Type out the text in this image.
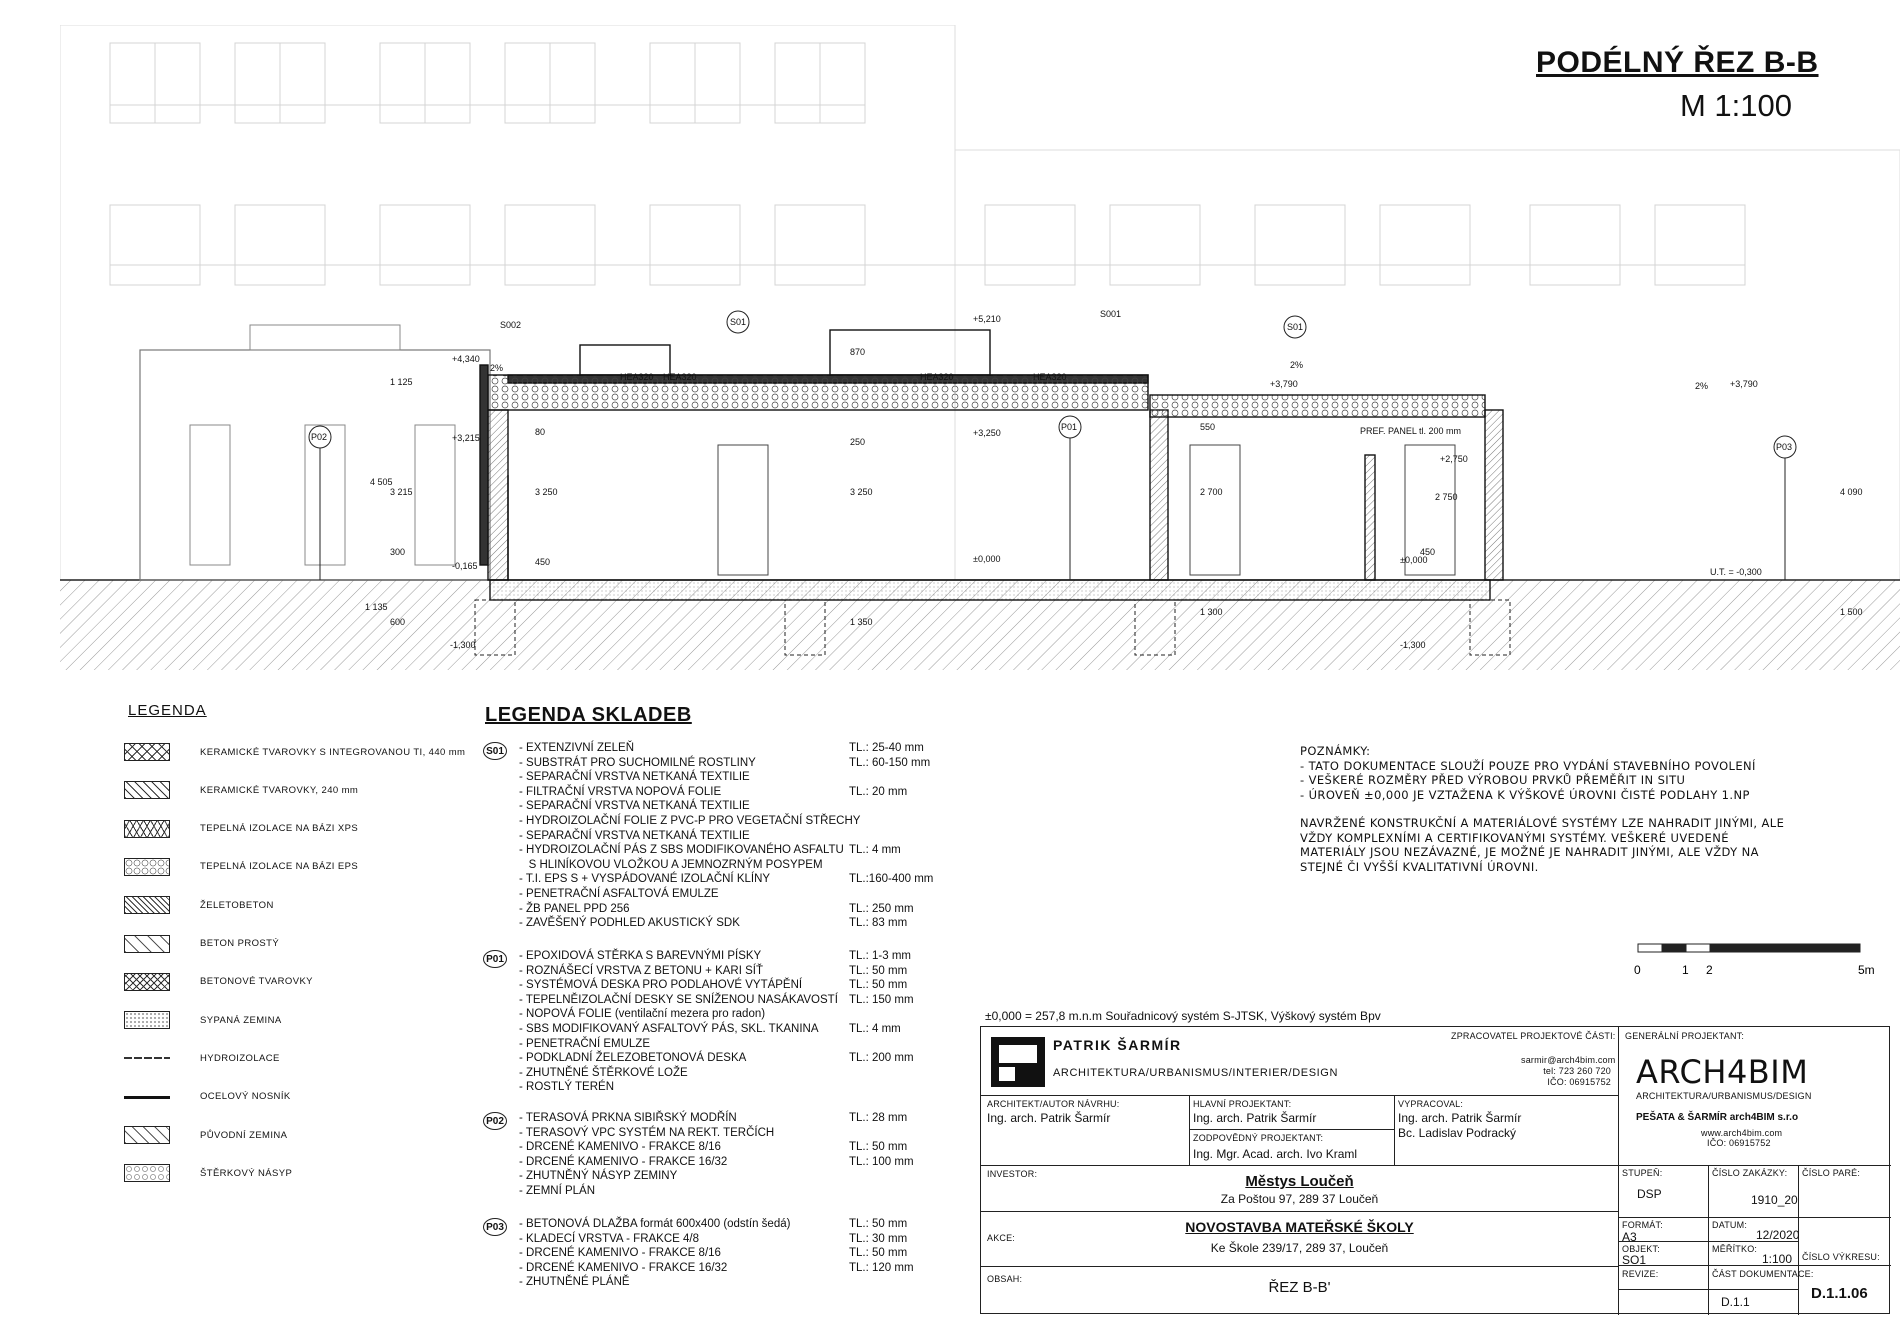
PODÉLNÝ ŘEZ B-B
M 1:100
S002
S001
S01	S01
HEA320 HEA320	HEA320	HEA320
P02
P01
P03
+4,340
+3,215
-0,165
-1,300
+5,210
+3,250
±0,000
+3,790
+2,750
±0,000
+3,790
U.T. = -0,300
-1,300
PREF. PANEL tl. 200 mm
1 125
3 215
4 505
300
1 135
600
450
3 250
80
870
3 250
1 350
2 700
1 300
2 750	4 090
1 500
250
450
550
2%	2%
2%
LEGENDA
KERAMICKÉ TVAROVKY S INTEGROVANOU TI, 440 mm
KERAMICKÉ TVAROVKY, 240 mm
TEPELNÁ IZOLACE NA BÁZI XPS
TEPELNÁ IZOLACE NA BÁZI EPS
ŽELETOBETON
BETON PROSTÝ
BETONOVÉ TVAROVKY
SYPANÁ ZEMINA
HYDROIZOLACE
OCELOVÝ NOSNÍK
PŮVODNÍ ZEMINA
ŠTĚRKOVÝ NÁSYP
LEGENDA SKLADEB
S01 - EXTENZIVNÍ ZELEŇ	TL.: 25-40 mm
- SUBSTRÁT PRO SUCHOMILNÉ ROSTLINY	TL.: 60-150 mm
- SEPARAČNÍ VRSTVA NETKANÁ TEXTILIE
- FILTRAČNÍ VRSTVA NOPOVÁ FOLIE	TL.: 20 mm
- SEPARAČNÍ VRSTVA NETKANÁ TEXTILIE
- HYDROIZOLAČNÍ FOLIE Z PVC-P PRO VEGETAČNÍ STŘECHY
- SEPARAČNÍ VRSTVA NETKANÁ TEXTILIE
- HYDROIZOLAČNÍ PÁS Z SBS MODIFIKOVANÉHO ASFALTU TL.: 4 mm
S HLINÍKOVOU VLOŽKOU A JEMNOZRNÝM POSYPEM
- T.I. EPS S + VYSPÁDOVANÉ IZOLAČNÍ KLÍNY	TL.:160-400 mm
- PENETRAČNÍ ASFALTOVÁ EMULZE
- ŽB PANEL PPD 256	TL.: 250 mm
- ZAVĚŠENÝ PODHLED AKUSTICKÝ SDK	TL.: 83 mm
P01 - EPOXIDOVÁ STĚRKA S BAREVNÝMI PÍSKY	TL.: 1-3 mm
- ROZNÁŠECÍ VRSTVA Z BETONU + KARI SÍŤ	TL.: 50 mm
- SYSTÉMOVÁ DESKA PRO PODLAHOVÉ VYTÁPĚNÍ	TL.: 50 mm
- TEPELNĚIZOLAČNÍ DESKY SE SNÍŽENOU NASÁKAVOSTÍ TL.: 150 mm
- NOPOVÁ FOLIE (ventilační mezera pro radon)
- SBS MODIFIKOVANÝ ASFALTOVÝ PÁS, SKL. TKANINA	TL.: 4 mm
- PENETRAČNÍ EMULZE
- PODKLADNÍ ŽELEZOBETONOVÁ DESKA	TL.: 200 mm
- ZHUTNĚNÉ ŠTĚRKOVÉ LOŽE
- ROSTLÝ TERÉN
P02 - TERASOVÁ PRKNA SIBIŘSKÝ MODŘÍN	TL.: 28 mm
- TERASOVÝ VPC SYSTÉM NA REKT. TERČÍCH
- DRCENÉ KAMENIVO - FRAKCE 8/16	TL.: 50 mm
- DRCENÉ KAMENIVO - FRAKCE 16/32	TL.: 100 mm
- ZHUTNĚNÝ NÁSYP ZEMINY
- ZEMNÍ PLÁN
P03 - BETONOVÁ DLAŽBA formát 600x400 (odstín šedá)	TL.: 50 mm
- KLADECÍ VRSTVA - FRAKCE 4/8	TL.: 30 mm
- DRCENÉ KAMENIVO - FRAKCE 8/16	TL.: 50 mm
- DRCENÉ KAMENIVO - FRAKCE 16/32	TL.: 120 mm
- ZHUTNĚNÉ PLÁNĚ

POZNÁMKY:

- TATO DOKUMENTACE SLOUŽÍ POUZE PRO VYDÁNÍ STAVEBNÍHO POVOLENÍ

- VEŠKERÉ ROZMĚRY PŘED VÝROBOU PRVKŮ PŘEMĚŘIT IN SITU

- ÚROVEŇ ±0,000 JE VZTAŽENA K VÝŠKOVÉ ÚROVNI ČISTÉ PODLAHY 1.NP

NAVRŽENÉ KONSTRUKČNÍ A MATERIÁLOVÉ SYSTÉMY LZE NAHRADIT JINÝMI, ALE

VŽDY KOMPLEXNÍMI A CERTIFIKOVANÝMI SYSTÉMY. VEŠKERÉ UVEDENÉ

MATERIÁLY JSOU NEZÁVAZNÉ, JE MOŽNÉ JE NAHRADIT JINÝMI, ALE VŽDY NA

STEJNÉ ČI VYŠŠÍ KVALITATIVNÍ ÚROVNI.

0	1 2	5m
±0,000 = 257,8 m.n.m Souřadnicový systém S-JTSK, Výškový systém Bpv
PATRIK ŠARMÍR
ARCHITEKTURA/URBANISMUS/INTERIER/DESIGN
ZPRACOVATEL PROJEKTOVÉ ČÁSTI:
sarmir@arch4bim.com
tel: 723 260 720
IČO: 06915752
GENERÁLNÍ PROJEKTANT:
ARCH4BIM
ARCHITEKTURA/URBANISMUS/DESIGN
PEŠATA & ŠARMÍR arch4BIM s.r.o
www.arch4bim.com
IČO: 06915752
ARCHITEKT/AUTOR NÁVRHU:
Ing. arch. Patrik Šarmír
HLAVNÍ PROJEKTANT:
Ing. arch. Patrik Šarmír
ZODPOVĚDNÝ PROJEKTANT:
Ing. Mgr. Acad. arch. Ivo Kraml
VYPRACOVAL:
Ing. arch. Patrik Šarmír
Bc. Ladislav Podracký
INVESTOR:	Městys Loučeň
Za Poštou 97, 289 37 Loučeň
AKCE:
NOVOSTAVBA MATEŘSKÉ ŠKOLY
Ke Škole 239/17, 289 37, Loučeň
OBSAH:	ŘEZ B-B'
STUPEŇ:
DSP
ČÍSLO ZAKÁZKY:
1910_20
ČÍSLO PARÉ:
FORMÁT:
A3
DATUM:
12/2020
OBJEKT:
SO1
MĚŘÍTKO:
1:100 ČÍSLO VÝKRESU:
REVIZE:	ČÁST DOKUMENTACE:
D.1.1	D.1.1.06
